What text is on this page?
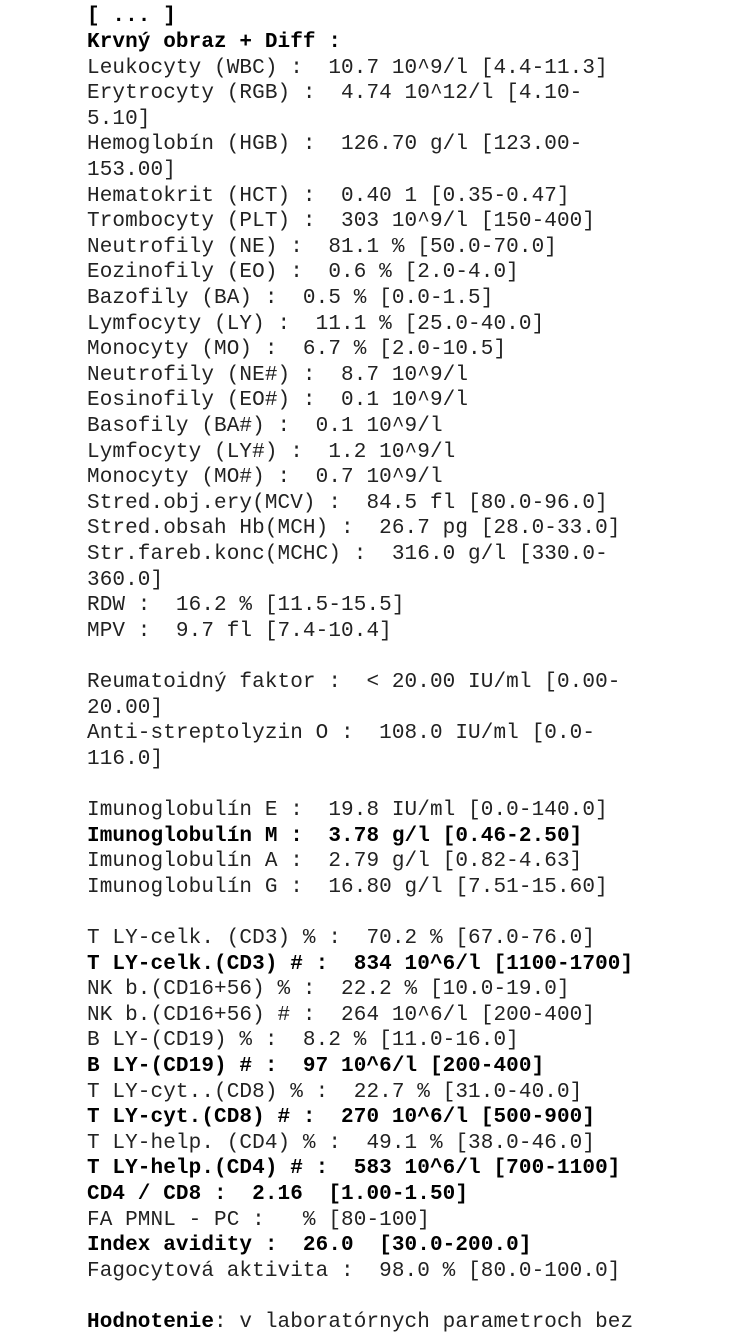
[ ... ]
Krvný obraz + Diff :
Leukocyty (WBC) :  10.7 10^9/l [4.4-11.3]
Erytrocyty (RGB) :  4.74 10^12/l [4.10-
5.10]
Hemoglobín (HGB) :  126.70 g/l [123.00-
153.00]
Hematokrit (HCT) :  0.40 1 [0.35-0.47]
Trombocyty (PLT) :  303 10^9/l [150-400]
Neutrofily (NE) :  81.1 % [50.0-70.0]
Eozinofily (EO) :  0.6 % [2.0-4.0]
Bazofily (BA) :  0.5 % [0.0-1.5]
Lymfocyty (LY) :  11.1 % [25.0-40.0]
Monocyty (MO) :  6.7 % [2.0-10.5]
Neutrofily (NE#) :  8.7 10^9/l
Eosinofily (EO#) :  0.1 10^9/l
Basofily (BA#) :  0.1 10^9/l
Lymfocyty (LY#) :  1.2 10^9/l
Monocyty (MO#) :  0.7 10^9/l
Stred.obj.ery(MCV) :  84.5 fl [80.0-96.0]
Stred.obsah Hb(MCH) :  26.7 pg [28.0-33.0]
Str.fareb.konc(MCHC) :  316.0 g/l [330.0-
360.0]
RDW :  16.2 % [11.5-15.5]
MPV :  9.7 fl [7.4-10.4]
Reumatoidný faktor :  < 20.00 IU/ml [0.00-
20.00]
Anti-streptolyzin O :  108.0 IU/ml [0.0-
116.0]
Imunoglobulín E :  19.8 IU/ml [0.0-140.0]
Imunoglobulín M :  3.78 g/l [0.46-2.50]
Imunoglobulín A :  2.79 g/l [0.82-4.63]
Imunoglobulín G :  16.80 g/l [7.51-15.60]
T LY-celk. (CD3) % :  70.2 % [67.0-76.0]
T LY-celk.(CD3) # :  834 10^6/l [1100-1700]
NK b.(CD16+56) % :  22.2 % [10.0-19.0]
NK b.(CD16+56) # :  264 10^6/l [200-400]
B LY-(CD19) % :  8.2 % [11.0-16.0]
B LY-(CD19) # :  97 10^6/l [200-400]
T LY-cyt..(CD8) % :  22.7 % [31.0-40.0]
T LY-cyt.(CD8) # :  270 10^6/l [500-900]
T LY-help. (CD4) % :  49.1 % [38.0-46.0]
T LY-help.(CD4) # :  583 10^6/l [700-1100]
CD4 / CD8 :  2.16  [1.00-1.50]
FA PMNL - PC :   % [80-100]
Index avidity :  26.0  [30.0-200.0]
Fagocytová aktivita :  98.0 % [80.0-100.0]
Hodnotenie: v laboratórnych parametroch bez
